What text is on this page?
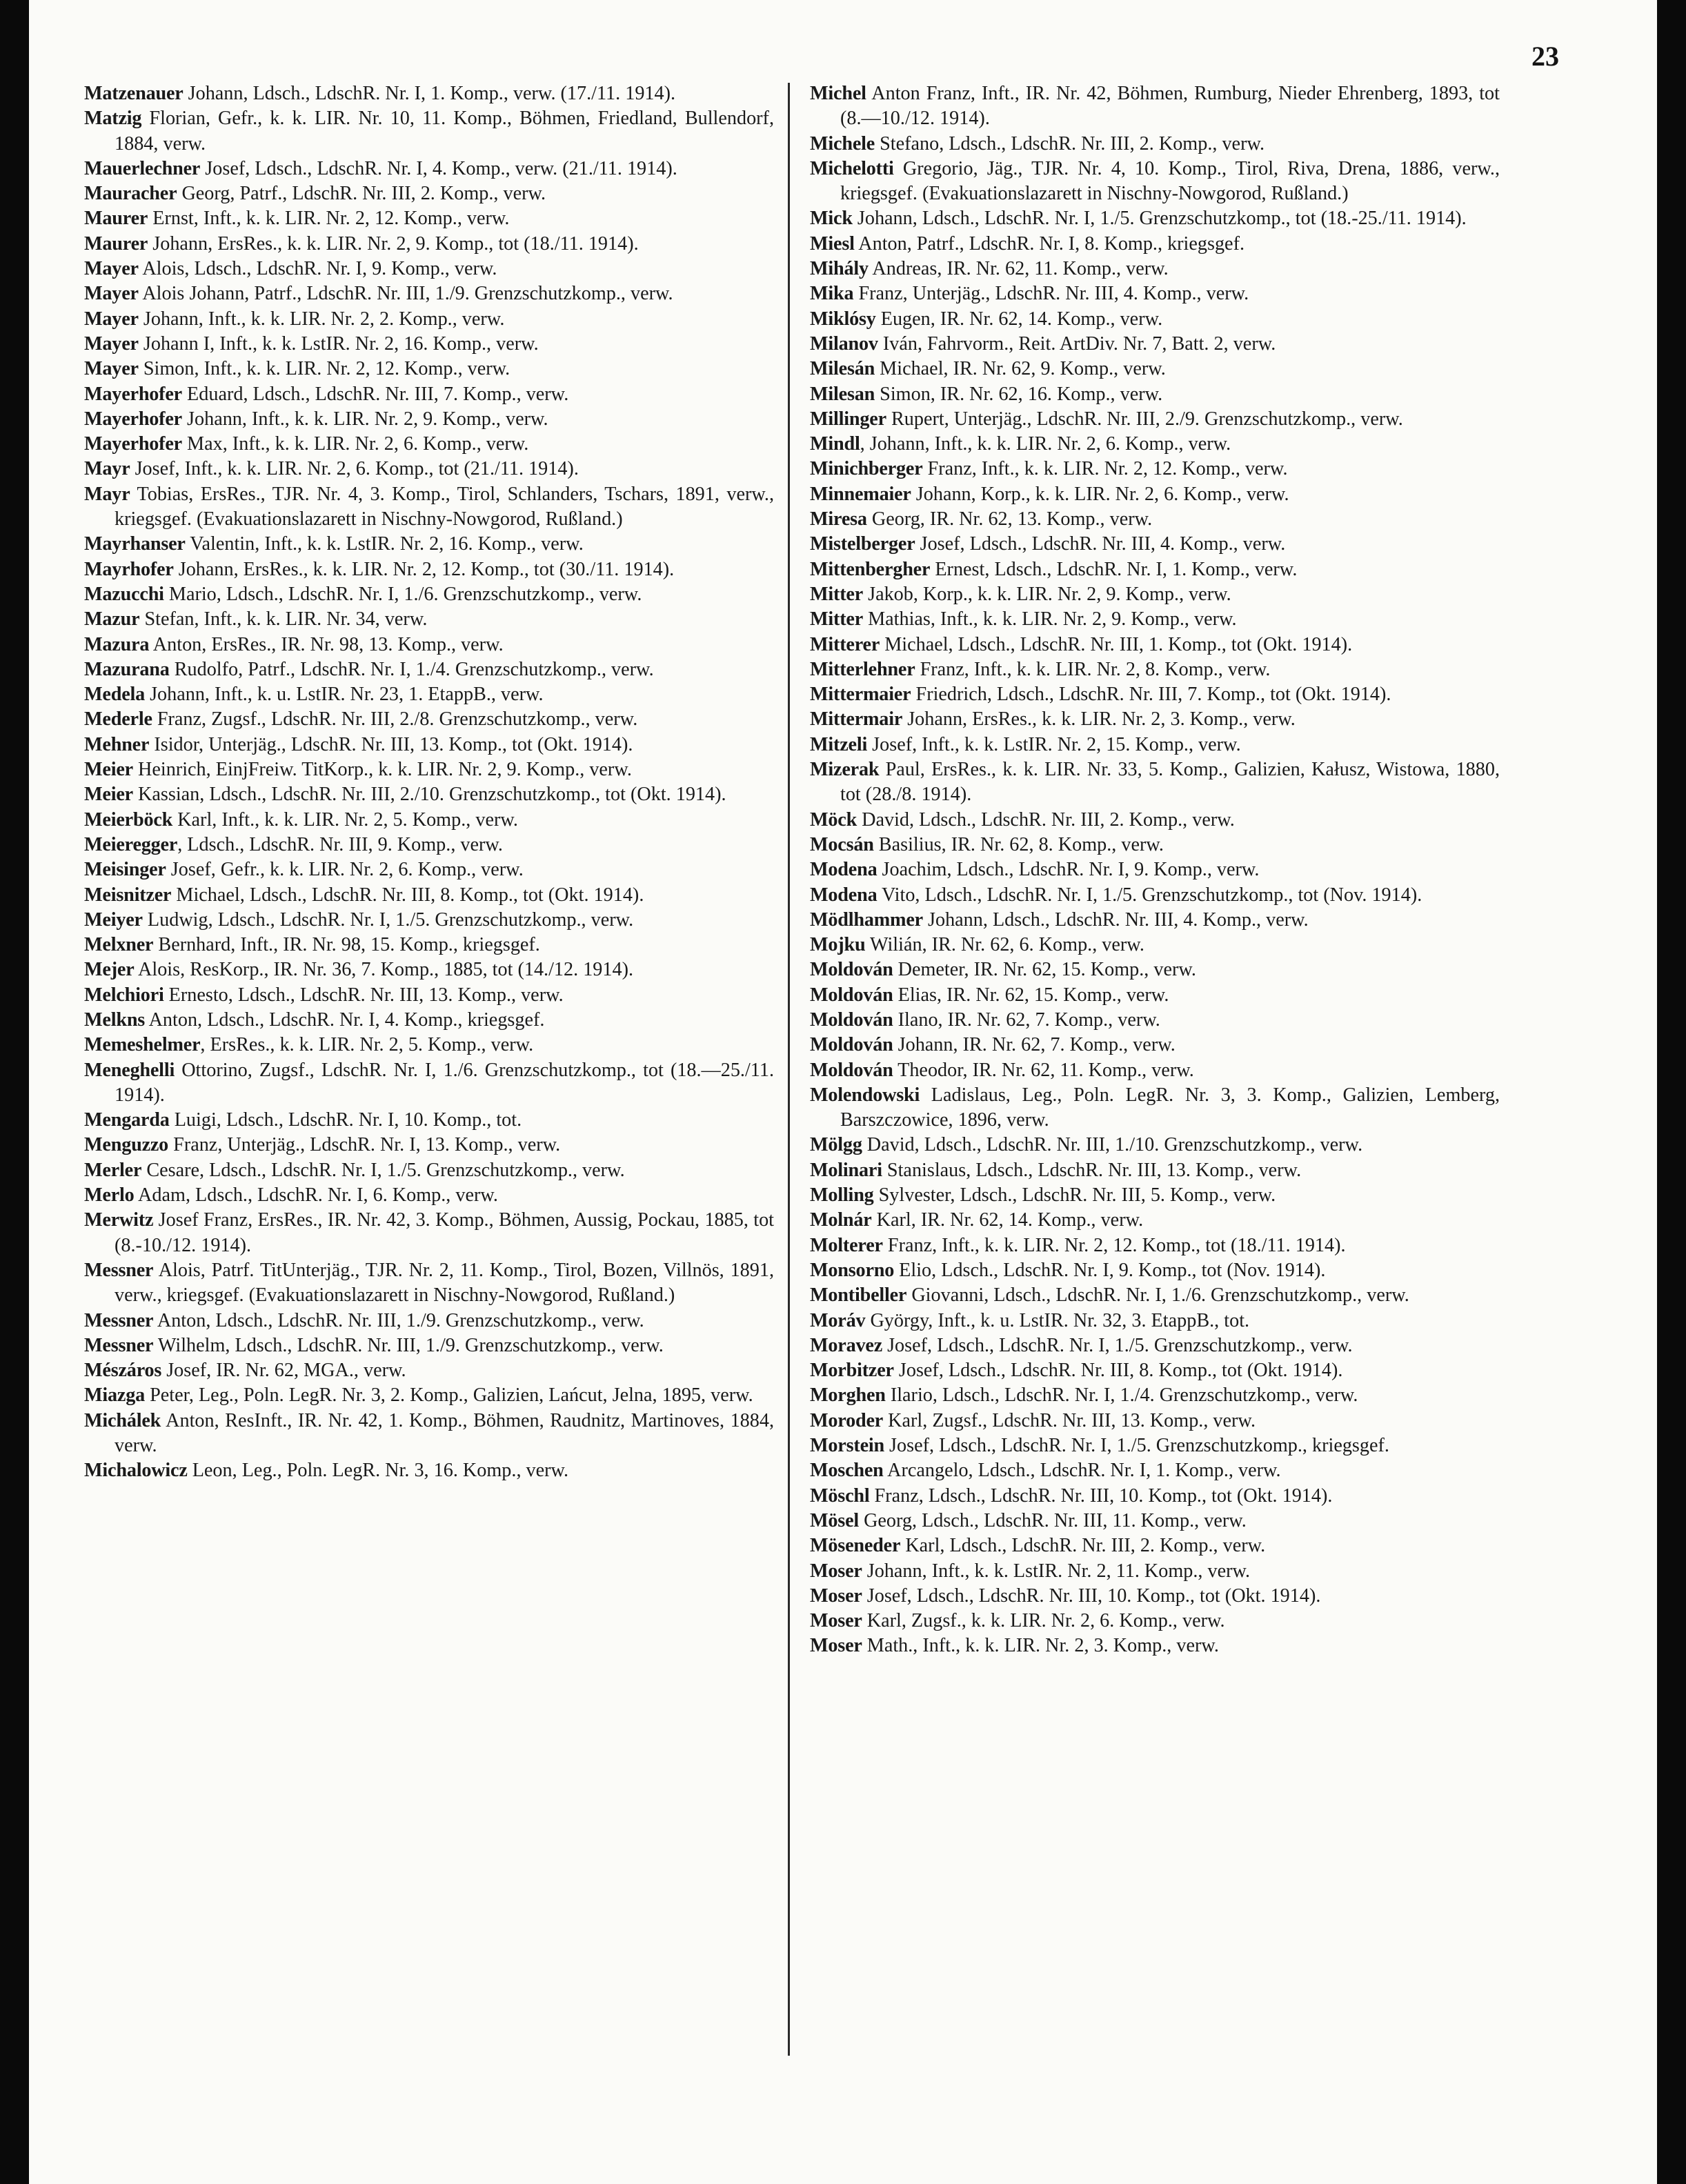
23
Matzenauer Johann, Ldsch., LdschR. Nr. I, 1. Komp., verw. (17./11. 1914).
Matzig Florian, Gefr., k. k. LIR. Nr. 10, 11. Komp., Böhmen, Friedland, Bullendorf, 1884, verw.
Mauerlechner Josef, Ldsch., LdschR. Nr. I, 4. Komp., verw. (21./11. 1914).
Mauracher Georg, Patrf., LdschR. Nr. III, 2. Komp., verw.
Maurer Ernst, Inft., k. k. LIR. Nr. 2, 12. Komp., verw.
Maurer Johann, ErsRes., k. k. LIR. Nr. 2, 9. Komp., tot (18./11. 1914).
Mayer Alois, Ldsch., LdschR. Nr. I, 9. Komp., verw.
Mayer Alois Johann, Patrf., LdschR. Nr. III, 1./9. Grenzschutzkomp., verw.
Mayer Johann, Inft., k. k. LIR. Nr. 2, 2. Komp., verw.
Mayer Johann I, Inft., k. k. LstIR. Nr. 2, 16. Komp., verw.
Mayer Simon, Inft., k. k. LIR. Nr. 2, 12. Komp., verw.
Mayerhofer Eduard, Ldsch., LdschR. Nr. III, 7. Komp., verw.
Mayerhofer Johann, Inft., k. k. LIR. Nr. 2, 9. Komp., verw.
Mayerhofer Max, Inft., k. k. LIR. Nr. 2, 6. Komp., verw.
Mayr Josef, Inft., k. k. LIR. Nr. 2, 6. Komp., tot (21./11. 1914).
Mayr Tobias, ErsRes., TJR. Nr. 4, 3. Komp., Tirol, Schlanders, Tschars, 1891, verw., kriegsgef. (Evakuationslazarett in Nischny-Nowgorod, Rußland.)
Mayrhanser Valentin, Inft., k. k. LstIR. Nr. 2, 16. Komp., verw.
Mayrhofer Johann, ErsRes., k. k. LIR. Nr. 2, 12. Komp., tot (30./11. 1914).
Mazucchi Mario, Ldsch., LdschR. Nr. I, 1./6. Grenzschutzkomp., verw.
Mazur Stefan, Inft., k. k. LIR. Nr. 34, verw.
Mazura Anton, ErsRes., IR. Nr. 98, 13. Komp., verw.
Mazurana Rudolfo, Patrf., LdschR. Nr. I, 1./4. Grenzschutzkomp., verw.
Medela Johann, Inft., k. u. LstIR. Nr. 23, 1. EtappB., verw.
Mederle Franz, Zugsf., LdschR. Nr. III, 2./8. Grenzschutzkomp., verw.
Mehner Isidor, Unterjäg., LdschR. Nr. III, 13. Komp., tot (Okt. 1914).
Meier Heinrich, EinjFreiw. TitKorp., k. k. LIR. Nr. 2, 9. Komp., verw.
Meier Kassian, Ldsch., LdschR. Nr. III, 2./10. Grenzschutzkomp., tot (Okt. 1914).
Meierböck Karl, Inft., k. k. LIR. Nr. 2, 5. Komp., verw.
Meieregger, Ldsch., LdschR. Nr. III, 9. Komp., verw.
Meisinger Josef, Gefr., k. k. LIR. Nr. 2, 6. Komp., verw.
Meisnitzer Michael, Ldsch., LdschR. Nr. III, 8. Komp., tot (Okt. 1914).
Meiyer Ludwig, Ldsch., LdschR. Nr. I, 1./5. Grenzschutzkomp., verw.
Melxner Bernhard, Inft., IR. Nr. 98, 15. Komp., kriegsgef.
Mejer Alois, ResKorp., IR. Nr. 36, 7. Komp., 1885, tot (14./12. 1914).
Melchiori Ernesto, Ldsch., LdschR. Nr. III, 13. Komp., verw.
Melkns Anton, Ldsch., LdschR. Nr. I, 4. Komp., kriegsgef.
Memeshelmer, ErsRes., k. k. LIR. Nr. 2, 5. Komp., verw.
Meneghelli Ottorino, Zugsf., LdschR. Nr. I, 1./6. Grenzschutzkomp., tot (18.—25./11. 1914).
Mengarda Luigi, Ldsch., LdschR. Nr. I, 10. Komp., tot.
Menguzzo Franz, Unterjäg., LdschR. Nr. I, 13. Komp., verw.
Merler Cesare, Ldsch., LdschR. Nr. I, 1./5. Grenzschutzkomp., verw.
Merlo Adam, Ldsch., LdschR. Nr. I, 6. Komp., verw.
Merwitz Josef Franz, ErsRes., IR. Nr. 42, 3. Komp., Böhmen, Aussig, Pockau, 1885, tot (8.-10./12. 1914).
Messner Alois, Patrf. TitUnterjäg., TJR. Nr. 2, 11. Komp., Tirol, Bozen, Villnös, 1891, verw., kriegsgef. (Evakuationslazarett in Nischny-Nowgorod, Rußland.)
Messner Anton, Ldsch., LdschR. Nr. III, 1./9. Grenzschutzkomp., verw.
Messner Wilhelm, Ldsch., LdschR. Nr. III, 1./9. Grenzschutzkomp., verw.
Mészáros Josef, IR. Nr. 62, MGA., verw.
Miazga Peter, Leg., Poln. LegR. Nr. 3, 2. Komp., Galizien, Lańcut, Jelna, 1895, verw.
Michálek Anton, ResInft., IR. Nr. 42, 1. Komp., Böhmen, Raudnitz, Martinoves, 1884, verw.
Michalowicz Leon, Leg., Poln. LegR. Nr. 3, 16. Komp., verw.
Michel Anton Franz, Inft., IR. Nr. 42, Böhmen, Rumburg, Nieder Ehrenberg, 1893, tot (8.—10./12. 1914).
Michele Stefano, Ldsch., LdschR. Nr. III, 2. Komp., verw.
Michelotti Gregorio, Jäg., TJR. Nr. 4, 10. Komp., Tirol, Riva, Drena, 1886, verw., kriegsgef. (Evakuationslazarett in Nischny-Nowgorod, Rußland.)
Mick Johann, Ldsch., LdschR. Nr. I, 1./5. Grenzschutzkomp., tot (18.-25./11. 1914).
Miesl Anton, Patrf., LdschR. Nr. I, 8. Komp., kriegsgef.
Mihály Andreas, IR. Nr. 62, 11. Komp., verw.
Mika Franz, Unterjäg., LdschR. Nr. III, 4. Komp., verw.
Miklósy Eugen, IR. Nr. 62, 14. Komp., verw.
Milanov Iván, Fahrvorm., Reit. ArtDiv. Nr. 7, Batt. 2, verw.
Milesán Michael, IR. Nr. 62, 9. Komp., verw.
Milesan Simon, IR. Nr. 62, 16. Komp., verw.
Millinger Rupert, Unterjäg., LdschR. Nr. III, 2./9. Grenzschutzkomp., verw.
Mindl, Johann, Inft., k. k. LIR. Nr. 2, 6. Komp., verw.
Minichberger Franz, Inft., k. k. LIR. Nr. 2, 12. Komp., verw.
Minnemaier Johann, Korp., k. k. LIR. Nr. 2, 6. Komp., verw.
Miresa Georg, IR. Nr. 62, 13. Komp., verw.
Mistelberger Josef, Ldsch., LdschR. Nr. III, 4. Komp., verw.
Mittenbergher Ernest, Ldsch., LdschR. Nr. I, 1. Komp., verw.
Mitter Jakob, Korp., k. k. LIR. Nr. 2, 9. Komp., verw.
Mitter Mathias, Inft., k. k. LIR. Nr. 2, 9. Komp., verw.
Mitterer Michael, Ldsch., LdschR. Nr. III, 1. Komp., tot (Okt. 1914).
Mitterlehner Franz, Inft., k. k. LIR. Nr. 2, 8. Komp., verw.
Mittermaier Friedrich, Ldsch., LdschR. Nr. III, 7. Komp., tot (Okt. 1914).
Mittermair Johann, ErsRes., k. k. LIR. Nr. 2, 3. Komp., verw.
Mitzeli Josef, Inft., k. k. LstIR. Nr. 2, 15. Komp., verw.
Mizerak Paul, ErsRes., k. k. LIR. Nr. 33, 5. Komp., Galizien, Kałusz, Wistowa, 1880, tot (28./8. 1914).
Möck David, Ldsch., LdschR. Nr. III, 2. Komp., verw.
Mocsán Basilius, IR. Nr. 62, 8. Komp., verw.
Modena Joachim, Ldsch., LdschR. Nr. I, 9. Komp., verw.
Modena Vito, Ldsch., LdschR. Nr. I, 1./5. Grenzschutzkomp., tot (Nov. 1914).
Mödlhammer Johann, Ldsch., LdschR. Nr. III, 4. Komp., verw.
Mojku Wilián, IR. Nr. 62, 6. Komp., verw.
Moldován Demeter, IR. Nr. 62, 15. Komp., verw.
Moldován Elias, IR. Nr. 62, 15. Komp., verw.
Moldován Ilano, IR. Nr. 62, 7. Komp., verw.
Moldován Johann, IR. Nr. 62, 7. Komp., verw.
Moldován Theodor, IR. Nr. 62, 11. Komp., verw.
Molendowski Ladislaus, Leg., Poln. LegR. Nr. 3, 3. Komp., Galizien, Lemberg, Barszczowice, 1896, verw.
Mölgg David, Ldsch., LdschR. Nr. III, 1./10. Grenzschutzkomp., verw.
Molinari Stanislaus, Ldsch., LdschR. Nr. III, 13. Komp., verw.
Molling Sylvester, Ldsch., LdschR. Nr. III, 5. Komp., verw.
Molnár Karl, IR. Nr. 62, 14. Komp., verw.
Molterer Franz, Inft., k. k. LIR. Nr. 2, 12. Komp., tot (18./11. 1914).
Monsorno Elio, Ldsch., LdschR. Nr. I, 9. Komp., tot (Nov. 1914).
Montibeller Giovanni, Ldsch., LdschR. Nr. I, 1./6. Grenzschutzkomp., verw.
Moráv György, Inft., k. u. LstIR. Nr. 32, 3. EtappB., tot.
Moravez Josef, Ldsch., LdschR. Nr. I, 1./5. Grenzschutzkomp., verw.
Morbitzer Josef, Ldsch., LdschR. Nr. III, 8. Komp., tot (Okt. 1914).
Morghen Ilario, Ldsch., LdschR. Nr. I, 1./4. Grenzschutzkomp., verw.
Moroder Karl, Zugsf., LdschR. Nr. III, 13. Komp., verw.
Morstein Josef, Ldsch., LdschR. Nr. I, 1./5. Grenzschutzkomp., kriegsgef.
Moschen Arcangelo, Ldsch., LdschR. Nr. I, 1. Komp., verw.
Möschl Franz, Ldsch., LdschR. Nr. III, 10. Komp., tot (Okt. 1914).
Mösel Georg, Ldsch., LdschR. Nr. III, 11. Komp., verw.
Möseneder Karl, Ldsch., LdschR. Nr. III, 2. Komp., verw.
Moser Johann, Inft., k. k. LstIR. Nr. 2, 11. Komp., verw.
Moser Josef, Ldsch., LdschR. Nr. III, 10. Komp., tot (Okt. 1914).
Moser Karl, Zugsf., k. k. LIR. Nr. 2, 6. Komp., verw.
Moser Math., Inft., k. k. LIR. Nr. 2, 3. Komp., verw.
